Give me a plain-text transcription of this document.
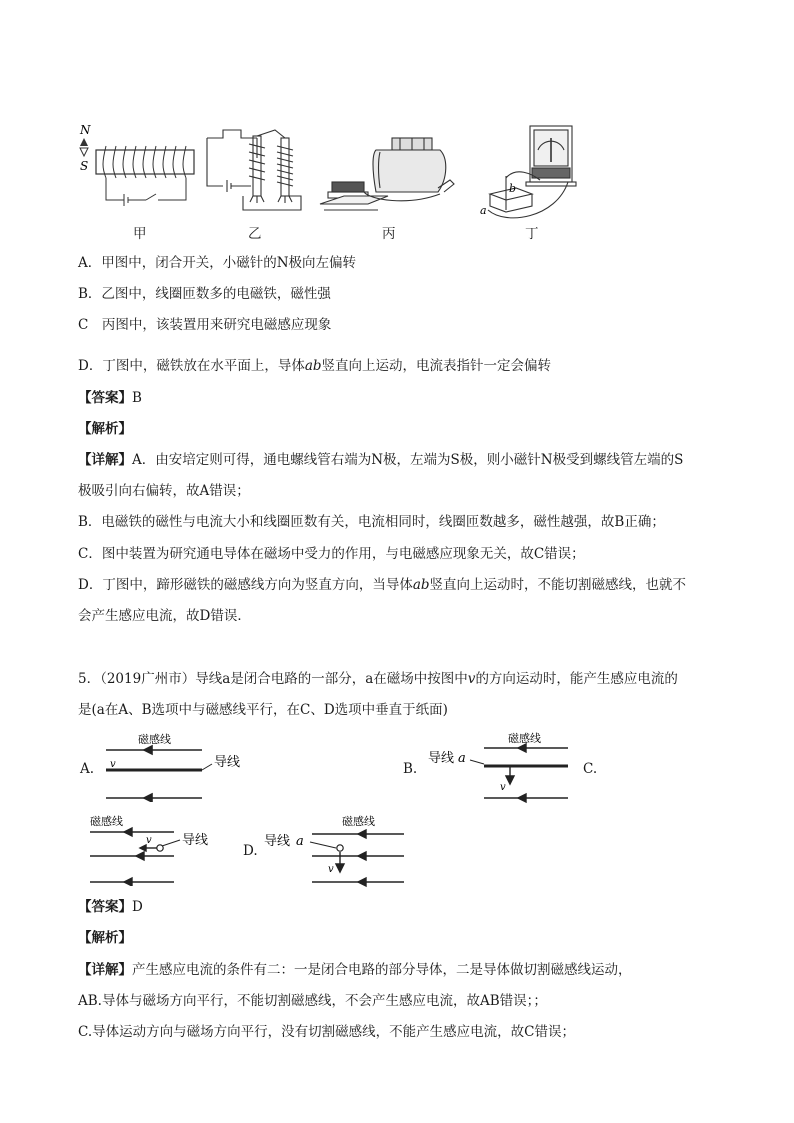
N
S
甲	乙	丙
b
a
丁
A．甲图中，闭合开关，小磁针的N极向左偏转
B．乙图中，线圈匝数多的电磁铁，磁性强
C　丙图中，该装置用来研究电磁感应现象
D．丁图中，磁铁放在水平面上，导体ab竖直向上运动，电流表指针一定会偏转
【答案】B
【解析】
【详解】A．由安培定则可得，通电螺线管右端为N极，左端为S极，则小磁针N极受到螺线管左端的S
极吸引向右偏转，故A错误；
B．电磁铁的磁性与电流大小和线圈匝数有关，电流相同时，线圈匝数越多，磁性越强，故B正确；
C．图中装置为研究通电导体在磁场中受力的作用，与电磁感应现象无关，故C错误；
D．丁图中，蹄形磁铁的磁感线方向为竖直方向，当导体ab竖直向上运动时，不能切割磁感线，也就不
会产生感应电流，故D错误．
5．（2019广州市）导线a是闭合电路的一部分，a在磁场中按图中v的方向运动时，能产生感应电流的
是(a在A、B选项中与磁感线平行，在C、D选项中垂直于纸面)
A.
磁感线
v	导线	B.
磁感线
导线 a
v
C.
磁感线
v 导线
D.
磁感线
导线 a
v
【答案】D
【解析】
【详解】产生感应电流的条件有二：一是闭合电路的部分导体，二是导体做切割磁感线运动，
AB.导体与磁场方向平行，不能切割磁感线，不会产生感应电流，故AB错误；；
C.导体运动方向与磁场方向平行，没有切割磁感线，不能产生感应电流，故C错误；
